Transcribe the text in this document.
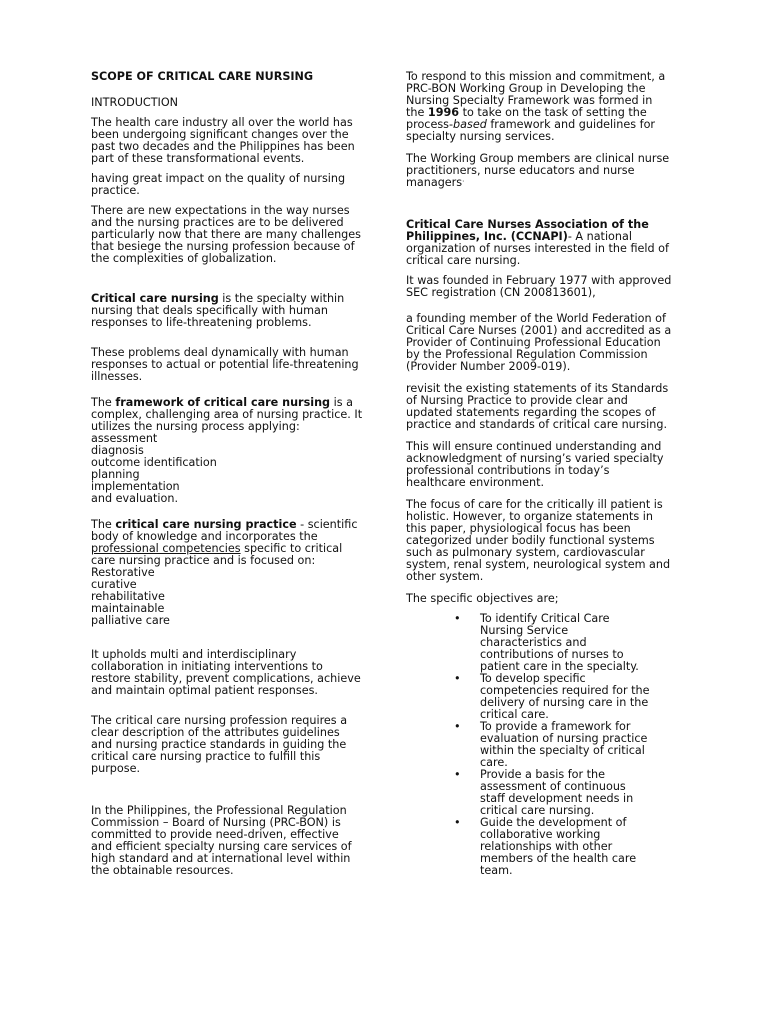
SCOPE OF CRITICAL CARE NURSING

INTRODUCTION

The health care industry all over the world has been undergoing significant changes over the past two decades and the Philippines has been part of these transformational events.

having great impact on the quality of nursing practice.

There are new expectations in the way nurses and the nursing practices are to be delivered particularly now that there are many challenges that besiege the nursing profession because of the complexities of globalization.

Critical care nursing is the specialty within nursing that deals specifically with human responses to life-threatening problems.

These problems deal dynamically with human responses to actual or potential life-threatening illnesses.

The framework of critical care nursing is a complex, challenging area of nursing practice. It utilizes the nursing process applying:

assessment
diagnosis
outcome identification
planning
implementation
and evaluation.

The critical care nursing practice - scientific body of knowledge and incorporates the professional competencies specific to critical care nursing practice and is focused on:

Restorative
curative
rehabilitative
maintainable
palliative care

It upholds multi and interdisciplinary collaboration in initiating interventions to restore stability, prevent complications, achieve and maintain optimal patient responses.

The critical care nursing profession requires a clear description of the attributes guidelines and nursing practice standards in guiding the critical care nursing practice to fulfill this purpose.

In the Philippines, the Professional Regulation Commission – Board of Nursing (PRC-BON) is committed to provide need-driven, effective and efficient specialty nursing care services of high standard and at international level within the obtainable resources.

To respond to this mission and commitment, a PRC-BON Working Group in Developing the Nursing Specialty Framework was formed in the 1996 to take on the task of setting the process-based framework and guidelines for specialty nursing services.

The Working Group members are clinical nurse practitioners, nurse educators and nurse managers.

Critical Care Nurses Association of the Philippines, Inc. (CCNAPI)- A national organization of nurses interested in the field of critical care nursing.

It was founded in February 1977 with approved SEC registration (CN 200813601),

a founding member of the World Federation of Critical Care Nurses (2001) and accredited as a Provider of Continuing Professional Education by the Professional Regulation Commission (Provider Number 2009-019).

revisit the existing statements of its Standards of Nursing Practice to provide clear and updated statements regarding the scopes of practice and standards of critical care nursing.

This will ensure continued understanding and acknowledgment of nursing’s varied specialty professional contributions in today’s healthcare environment.

The focus of care for the critically ill patient is holistic. However, to organize statements in this paper, physiological focus has been categorized under bodily functional systems such as pulmonary system, cardiovascular system, renal system, neurological system and other system.

The specific objectives are;

• To identify Critical Care Nursing Service characteristics and contributions of nurses to patient care in the specialty.
• To develop specific competencies required for the delivery of nursing care in the critical care.
• To provide a framework for evaluation of nursing practice within the specialty of critical care.
• Provide a basis for the assessment of continuous staff development needs in critical care nursing.
• Guide the development of collaborative working relationships with other members of the health care team.
